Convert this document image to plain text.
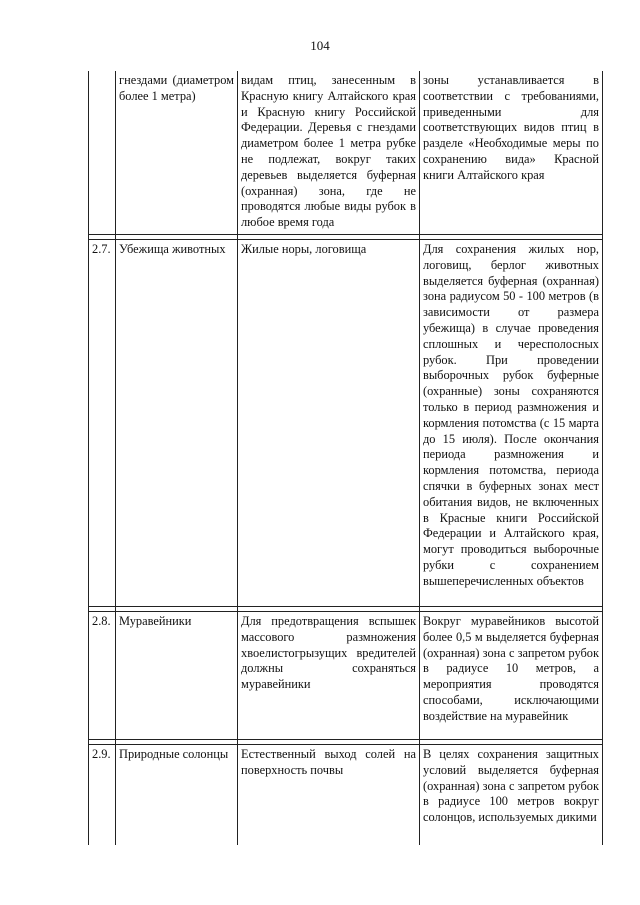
104
	гнездами (диаметром более 1 метра)	видам птиц, занесенным в Красную книгу Алтайского края и Красную книгу Российской Федерации. Деревья с гнездами диаметром более 1 метра рубке не подлежат, вокруг таких деревьев выделяется буферная (охранная) зона, где не проводятся любые виды рубок в любое время года	зоны устанавливается в соответствии с требованиями, приведенными для соответствующих видов птиц в разделе «Необходимые меры по сохранению вида» Красной книги Алтайского края

2.7.	Убежища животных	Жилые норы, логовища	Для сохранения жилых нор, логовищ, берлог животных выделяется буферная (охранная) зона радиусом 50 - 100 метров (в зависимости от размера убежища) в случае проведения сплошных и чересполосных рубок. При проведении выборочных рубок буферные (охранные) зоны сохраняются только в период размножения и кормления потомства (с 15 марта до 15 июля). После окончания периода размножения и кормления потомства, периода спячки в буферных зонах мест обитания видов, не включенных в Красные книги Российской Федерации и Алтайского края, могут проводиться выборочные рубки с сохранением вышеперечисленных объектов

2.8.	Муравейники	Для предотвращения вспышек массового размножения хвоелистогрызущих вредителей должны сохраняться муравейники	Вокруг муравейников высотой более 0,5 м выделяется буферная (охранная) зона с запретом рубок в радиусе 10 метров, а мероприятия проводятся способами, исключающими воздействие на муравейник

2.9.	Природные солонцы	Естественный выход солей на поверхность почвы	В целях сохранения защитных условий выделяется буферная (охранная) зона с запретом рубок в радиусе 100 метров вокруг солонцов, используемых дикими
